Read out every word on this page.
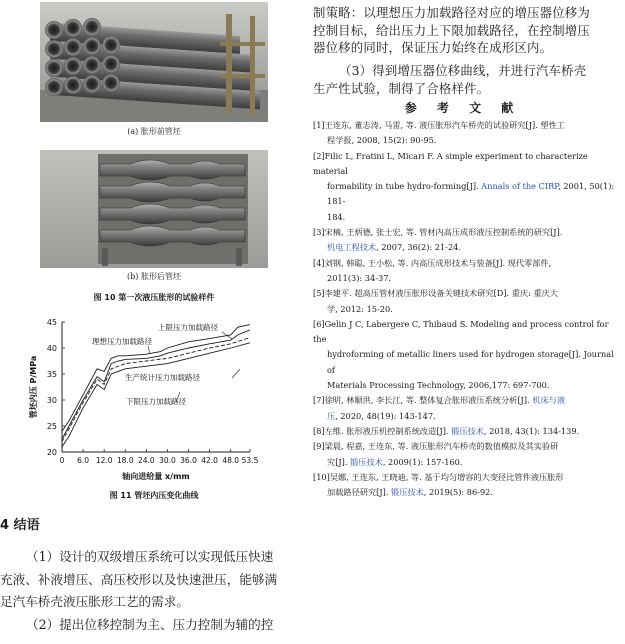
(a) 胀形前管坯
(b) 胀形后管坯
图 10 第一次液压胀形的试验样件
20
25
30
35
40
45
0 6.0 12.0 18.0 24.0 30.0 36.0 42.0 48.0 53.5
轴向进给量 x/mm
管坯内压 P/MPa
上限压力加载路径
理想压力加载路径
生产统计压力加载路径
下限压力加载路径
图 11 管坯内压变化曲线
4 结语
（1）设计的双级增压系统可以实现低压快速
充液、补液增压、高压校形以及快速泄压，能够满
足汽车桥壳液压胀形工艺的需求。
（2）提出位移控制为主、压力控制为辅的控
制策略：以理想压力加载路径对应的增压器位移为
控制目标，给出压力上下限加载路径，在控制增压
器位移的同时，保证压力始终在成形区内。
（3）得到增压器位移曲线，并进行汽车桥壳
生产性试验，制得了合格样件。
参 考 文 献
[1]王连东, 董志涛, 马雷, 等. 液压胀形汽车桥壳的试验研究[J]. 塑性工
程学报, 2008, 15(2): 90-95.
[2]Filic L, Fratini L, Micari F. A simple experiment to characterize material
formability in tube hydro-forming[J]. Annals of the CIRP, 2001, 50(1): 181-
184.
[3]宋楠, 王炳德, 张士宏, 等. 管材内高压成形液压控制系统的研究[J].
机电工程技术, 2007, 36(2): 21-24.
[4]刘钢, 韩聪, 王小松, 等. 内高压成形技术与装备[J]. 现代零部件,
2011(3): 34-37.
[5]李建平. 超高压管材液压胀形设备关键技术研究[D]. 重庆: 重庆大
学, 2012: 15-20.
[6]Gelin J C, Labergere C, Thibaud S. Modeling and process control for the
hydroforming of metallic liners used for hydrogen storage[J]. Journal of
Materials Processing Technology, 2006,177: 697-700.
[7]徐明, 林顺洪, 李长江, 等. 整体复合胀形液压系统分析[J]. 机床与液
压, 2020, 48(19): 143-147.
[8]左维. 胀形液压机控制系统改造[J]. 锻压技术, 2018, 43(1): 134-139.
[9]梁晨, 程嘉, 王连东, 等. 液压胀形汽车桥壳的数值模拟及其实验研
究[J]. 锻压技术, 2009(1): 157-160.
[10]吴娜, 王连东, 王晓迪, 等. 基于均匀增容的大变径比管件液压胀形
加载路径研究[J]. 锻压技术, 2019(5): 86-92.
